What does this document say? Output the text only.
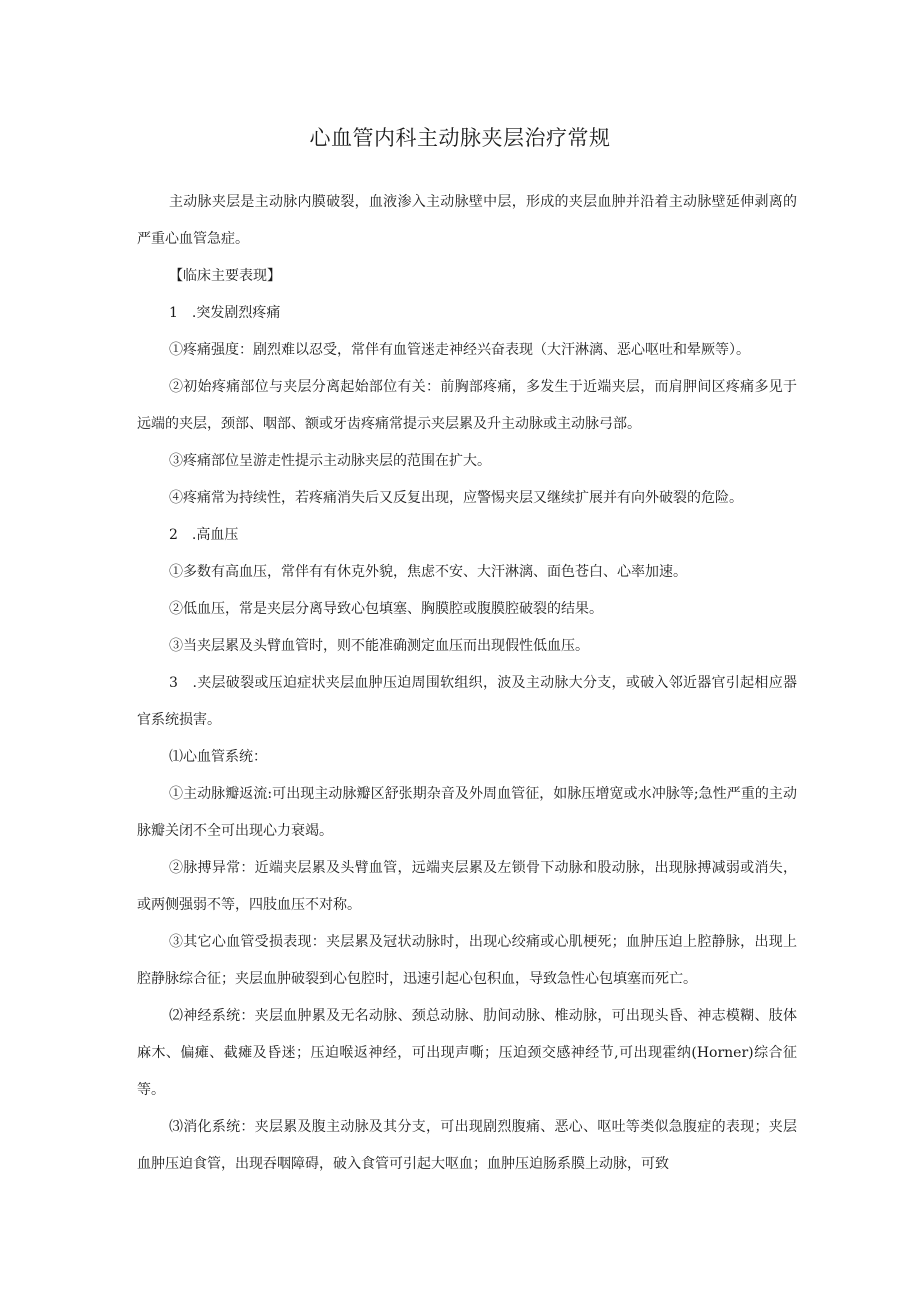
心血管内科主动脉夹层治疗常规

主动脉夹层是主动脉内膜破裂，血液渗入主动脉壁中层，形成的夹层血肿并沿着主动脉壁延伸剥离的严重心血管急症。

【临床主要表现】

1　.突发剧烈疼痛

①疼痛强度：剧烈难以忍受，常伴有血管迷走神经兴奋表现（大汗淋漓、恶心呕吐和晕厥等）。

②初始疼痛部位与夹层分离起始部位有关：前胸部疼痛，多发生于近端夹层，而肩胛间区疼痛多见于远端的夹层，颈部、咽部、额或牙齿疼痛常提示夹层累及升主动脉或主动脉弓部。

③疼痛部位呈游走性提示主动脉夹层的范围在扩大。

④疼痛常为持续性，若疼痛消失后又反复出现，应警惕夹层又继续扩展并有向外破裂的危险。

2　.高血压

①多数有高血压，常伴有有休克外貌，焦虑不安、大汗淋漓、面色苍白、心率加速。

②低血压，常是夹层分离导致心包填塞、胸膜腔或腹膜腔破裂的结果。

③当夹层累及头臂血管时，则不能准确测定血压而出现假性低血压。

3　.夹层破裂或压迫症状夹层血肿压迫周围软组织，波及主动脉大分支，或破入邻近器官引起相应器官系统损害。

⑴心血管系统：

①主动脉瓣返流:可出现主动脉瓣区舒张期杂音及外周血管征，如脉压增宽或水冲脉等;急性严重的主动脉瓣关闭不全可出现心力衰竭。

②脉搏异常：近端夹层累及头臂血管，远端夹层累及左锁骨下动脉和股动脉，出现脉搏减弱或消失，或两侧强弱不等，四肢血压不对称。

③其它心血管受损表现：夹层累及冠状动脉时，出现心绞痛或心肌梗死；血肿压迫上腔静脉，出现上腔静脉综合征；夹层血肿破裂到心包腔时，迅速引起心包积血，导致急性心包填塞而死亡。

⑵神经系统：夹层血肿累及无名动脉、颈总动脉、肋间动脉、椎动脉，可出现头昏、神志模糊、肢体麻木、偏瘫、截瘫及昏迷；压迫喉返神经，可出现声嘶；压迫颈交感神经节,可出现霍纳(Horner)综合征等。

⑶消化系统：夹层累及腹主动脉及其分支，可出现剧烈腹痛、恶心、呕吐等类似急腹症的表现；夹层血肿压迫食管，出现吞咽障碍，破入食管可引起大呕血；血肿压迫肠系膜上动脉，可致
